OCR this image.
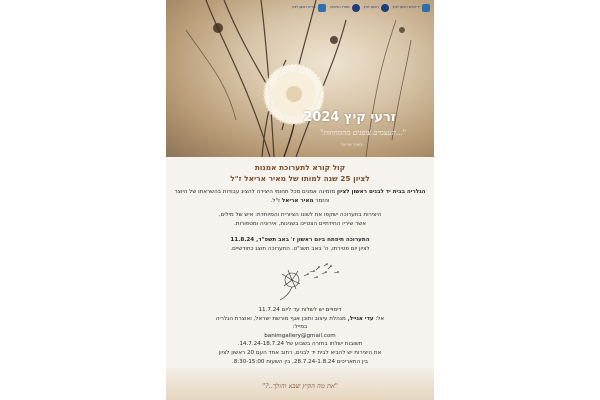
יד לבנים ראשון לציון
ראשון לציון
משרד הביטחון
עיריית ראשון לציון
זרעי קיץ 2024
"...העצמים צופנים מהמחוזות"
מאיר אריאל
קול קורא לתערוכת אמנות
לציון 25 שנה למותו של מאיר אריאל ז"ל
הגלריה בבית יד לבנים ראשון לציון מזמינה אמנים מכל תחומי היצירה להציג עבודות בהשראתו של היוצר והזמר מאיר אריאל ז"ל.
היצירות בתערוכה ישקפו את לשונו הציורית והמיוחדת: איש של מילים,
אשר שיריו החידתיים הצטיינו בשנינות, אירוניה ומטפורות.
התערוכה תיפתח ביום ראשון ז' באב תשפ"ד, 11.8.24
לציון יום פטירתו, ה' באב תשנ"ט. התערוכה תוצג כחודשיים.
דימויים יש לשלוח עד ליום 11.7.24
אל: עדי אגייל, מנהלת עיצוב ותוכן אגף מורשת ישראל, ואוצרת הגלריה
במייל:
banimgallery@gmail.com
תשובות ישלחו בחזרה בשבוע של 14.7.24-18.7.24.
את היצירות יש להביא לבית יד לבנים, רחוב אחד העם 20 ראשון לציון
בין התאריכים 28.7.24-1.8.24, בין השעות 8:30-15:00.
"את מה הקיץ שבא והולך..?"
